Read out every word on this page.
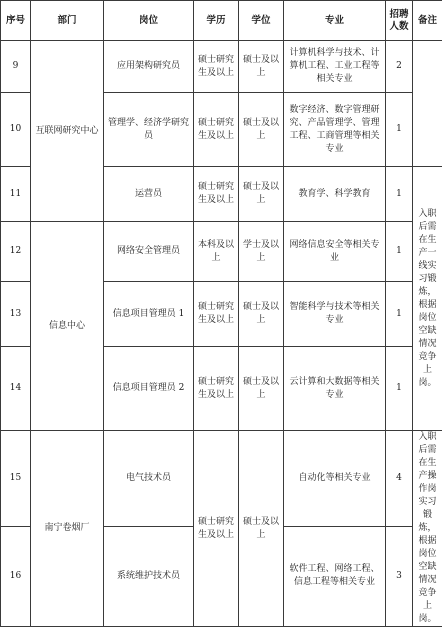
序号	部门	岗位	学历	学位	专业	招聘人数	备注
9	互联网研究中心	应用架构研究员	硕士研究生及以上	硕士及以上	计算机科学与技术、计算机工程、工业工程等相关专业	2	
10		管理学、经济学研究员	硕士研究生及以上	硕士及以上	数字经济、数字管理研究、产品管理学、管理工程、工商管理等相关专业	1	
11		运营员	硕士研究生及以上	硕士及以上	教育学、科学教育	1	入职后需在生产一线实习锻炼，根据岗位空缺情况竞争上岗。
12	信息中心	网络安全管理员	本科及以上	学士及以上	网络信息安全等相关专业	1	
13		信息项目管理员 1	硕士研究生及以上	硕士及以上	智能科学与技术等相关专业	1	
14		信息项目管理员 2	硕士研究生及以上	硕士及以上	云计算和大数据等相关专业	1	
15	南宁卷烟厂	电气技术员	硕士研究生及以上	硕士及以上	自动化等相关专业	4	入职后需在生产操作岗实习锻炼，根据岗位空缺情况竞争上岗。
16		系统维护技术员			软件工程、网络工程、信息工程等相关专业	3	
